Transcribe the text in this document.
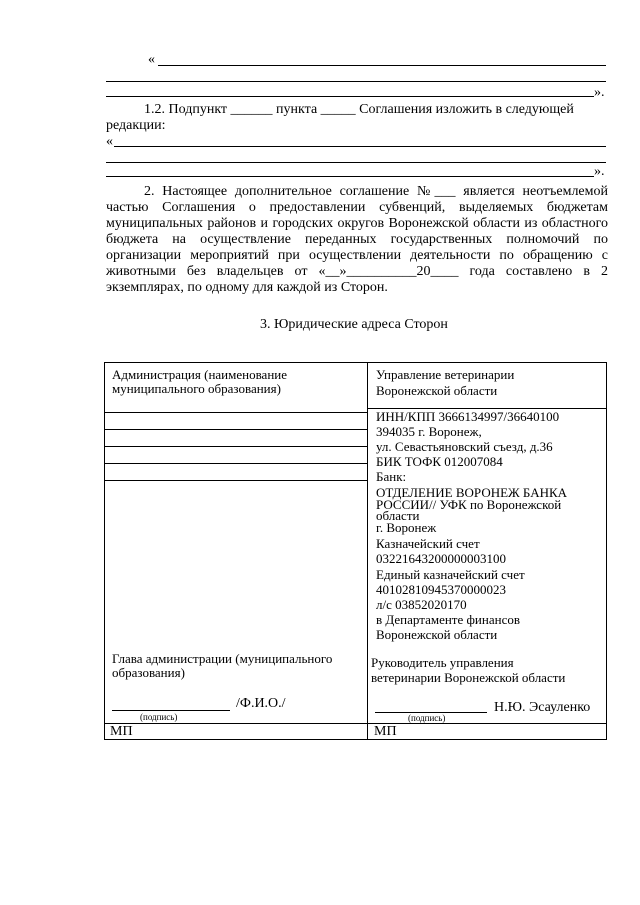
«
».
1.2. Подпункт ______ пункта _____ Соглашения изложить в следующей
редакции:
«
».
2. Настоящее дополнительное соглашение №___ является неотъемлемой
частью Соглашения о предоставлении субвенций, выделяемых бюджетам
муниципальных районов и городских округов Воронежской области из областного
бюджета на осуществление переданных государственных полномочий по
организации мероприятий при осуществлении деятельности по обращению с
животными без владельцев от «__»__________20____ года составлено в 2
экземплярах, по одному для каждой из Сторон.
3. Юридические адреса Сторон
Администрация (наименование муниципального образования)
Глава администрации (муниципального образования)
/Ф.И.О./
(подпись)
МП
Управление ветеринарии
Воронежской области
ИНН/КПП 3666134997/36640100
394035 г. Воронеж,
ул. Севастьяновский съезд, д.36
БИК ТОФК 012007084
Банк:
ОТДЕЛЕНИЕ ВОРОНЕЖ БАНКА
РОССИИ// УФК по Воронежской
области
г. Воронеж
Казначейский счет
03221643200000003100
Единый казначейский счет
40102810945370000023
л/с 03852020170
в Департаменте финансов
Воронежской области
Руководитель управления
ветеринарии Воронежской области
Н.Ю. Эсауленко
(подпись)
МП
